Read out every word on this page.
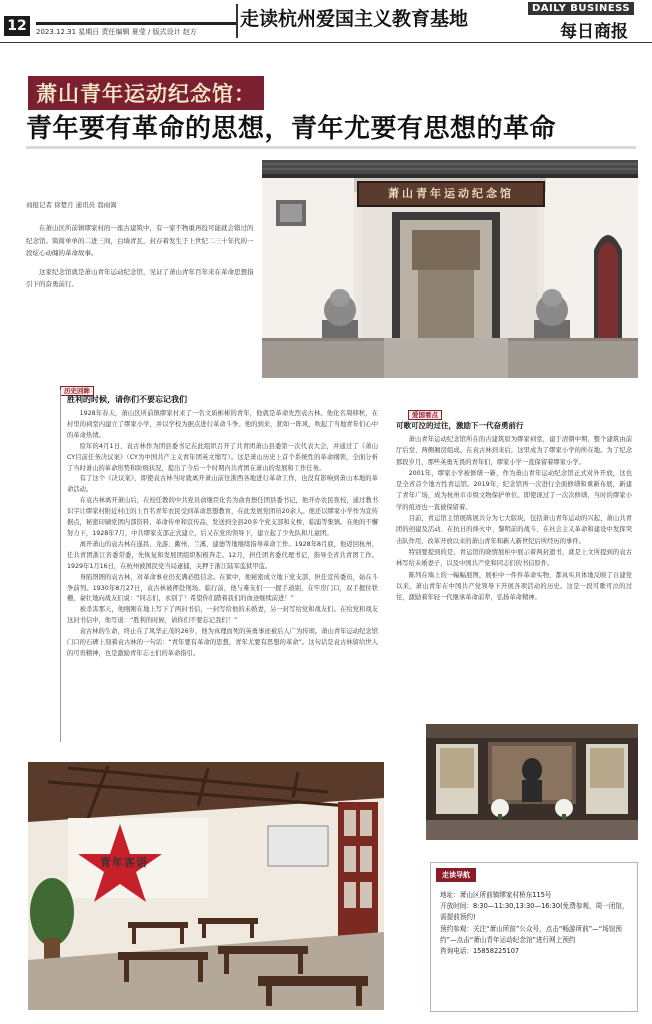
12	2023.12.31 星期日 责任编辑 夏莹 / 版式设计 赵方
走读杭州爱国主义教育基地	DAILY BUSINESS
每日商报
萧山青年运动纪念馆：
青年要有革命的思想，青年尤要有思想的革命
商报记者 徐楚月 通讯员 翁雨嵩

在萧山区所前镇缪家村的一座古建筑中，有一家不物重再投可能就会错过的纪念馆。简简单单的二进三间，白墙青瓦，封存着发生于上世纪二三十年代的一段炫心动魄的革命故事。

这家纪念馆就是萧山青年运动纪念馆，见证了萧山青年百年来在革命思想指引下的奋勇前行。

萧山青年运动纪念馆
历史回眸
胜利的时候，请你们不要忘记我们

1928年春天，萧山区所前镇缪家村来了一名文质彬彬的青年，他就是革命先烈袁古林。他化名周移秋，在村里的祠堂内建立了缪家小学，并以学校为据点进行革命斗争。他的到来，犹如一阵风，吹起了当地青年们心中的革命热情。

原年的4月1日，袁古林作为团县委书记在此组织召开了共青团萧山县委第一次代表大会，并通过了《萧山CY目前任务决议案》（CY为中国共产主义青年团英文缩写）。这是萧山历史上首个系统性的革命纲领，全面分析了当时萧山的革命形势和阶级状况，提出了今后一个时期内共青团在萧山的发展和工作任务。

有了这个《决议案》，即使袁古林当时就离开萧山前往浙西各地进行革命工作，也没有影响到萧山本地的革命活动。

在袁古林离开萧山后，在校任教的中共党员俞继臣化名为俞育擦任团县委书记，他开办农民夜校，通过教书识字让缪家村附近村庄的上百名青年农民受到革命思想教育，在此发展党团员20余人。他还以缪家小学作为宣传据点，秘密印刷党团内部资料、革命传单和宣传品，发送到全县20多个党支部和义桥、临浦等集镇。在他的不懈努力下，1928年7月，中共缪家支部正式建立，后又在党的领导下，建立起了少先队和儿童团。

离开萧山的袁古林在遂昌、龙游、衢州、兰溪、建德等地继续指导革命工作。1928年8月底，他返回杭州，任共青团浙江省委常委，先恢复和发展团组织积极奔走。12月，担任团省委代理书记，指导全省共青团工作。1929年1月16日，在杭州被国民党当局逮捕，关押于浙江陆军监狱甲监。

身陷囹圄的袁古林，对革命事业仍充满必胜信念。在狱中，他秘密成立地下党支部，担任宣传委员，始在斗争前列。1930年8月27日，袁古林被押赴刑场。临行前，他与难友们一一握手道别，在牢房门口，双手握住铁栅，豪壮地向战友们说：“同志们，永别了！希望你们踏着我们的血迹继续前进！”

被杀害那天，他刚刚在地上写下了两封书信，一封写给他的未婚妻，另一封写给党和战友们。在给党和战友这封书信中，他写道：“胜利的时候，请你们不要忘记我们！”

袁古林的生命，终止在了风华正茂的26岁，他为真理而死的英勇事迹被后人广为传颂。萧山青年运动纪念馆门口的石碑上刻着袁古林的一句话：“青年要有革命的思想，青年尤要有思想的革命”。这句话是袁古林留给世人的可贵精神，也是激励青年志士们的革命指引。

爱国看点
可歌可泣的过往，激励下一代奋勇前行

萧山青年运动纪念馆所在的古建筑原为缪家祠堂，建于清朝中期，整个建筑由前厅后堂、两侧厢房组成。在袁古林到来后，这里成为了缪家小学的所在地。为了纪念那段岁月，那些英勇无畏的青年们，缪家小学一直保留着缪家小学。

2001年，缪家小学被修缮一新，作为萧山青年运动纪念馆正式对外开放，这也是全省首个地方性青运馆。2019年，纪念馆再一次进行全面修缮和重新布展，新建了青年广场，成为杭州市市级文物保护单位。即使现过了一次次修缮，当时的缪家小学的痕迹也一直被保留着。

目前，青运馆主馆展陈展共分为七大版块，包括萧山青年运动的兴起、萧山共青团的创建及活动、在抗日的烽火中、黎明前的战斗、在社会主义革命和建设中发挥突击队作用、改革开放以来的萧山青年和新人新世纪后所经历的事件。

特别要提到的是，青运馆的晓情展柜中展示着两封遗书，就是上文所提到的袁古林写给未婚妻子，以及中国共产党和同志们的书信原件。

陈列在墙上的一幅幅展图，展柜中一件件革命实物，都真实具体地反映了自建党以来，萧山青年在中国共产党领导下开展各项活动的历史。这是一段可歌可泣的过往，激励着年轻一代继承革命前辈，弘扬革命精神。

青年客语
走读导航
地址：萧山区所前镇缪家村桥东115号
开放时间：8:30—11:30,13:30—16:30(免费参观，周一闭馆，需提前预约)
预约参观：关注“萧山所前”公众号，点击“畅游所前”—“场馆预约”—点击“萧山青年运动纪念馆”进行网上预约
咨询电话：15858225107
